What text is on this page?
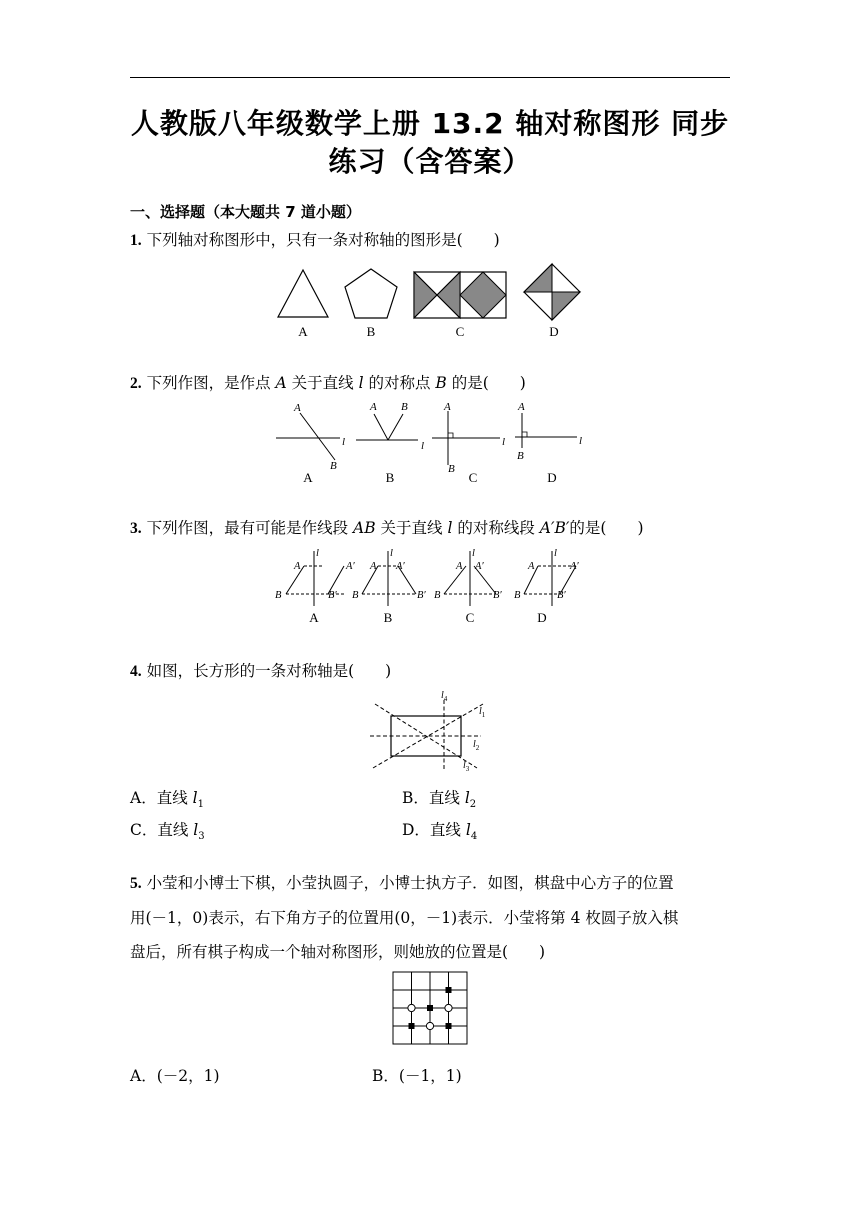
人教版八年级数学上册 13.2 轴对称图形 同步
练习（含答案）
一、选择题（本大题共 7 道小题）
1. 下列轴对称图形中，只有一条对称轴的图形是(　　)
A	B	C	D
2. 下列作图，是作点 A 关于直线 l 的对称点 B 的是(　　)
A
B
l
A B
l
A
B
l
A
B
l
A	B	C	D
3. 下列作图，最有可能是作线段 AB 关于直线 l 的对称线段 A′B′的是(　　)
A	A′
B	B′
l
A A′
B	B′
l
A A′
B	B′
l
A	A′
B	B′
l
A	B	C	D
4. 如图，长方形的一条对称轴是(　　)
$l_1$
$l_2$
$l_3$
$l_4$
A．直线 $l_1$	B．直线 $l_2$
C．直线 $l_3$	D．直线 $l_4$
5. 小莹和小博士下棋，小莹执圆子，小博士执方子．如图，棋盘中心方子的位置
用(－1，0)表示，右下角方子的位置用(0，－1)表示．小莹将第 4 枚圆子放入棋
盘后，所有棋子构成一个轴对称图形，则她放的位置是(　　)
A．(－2，1)	B．(－1，1)
